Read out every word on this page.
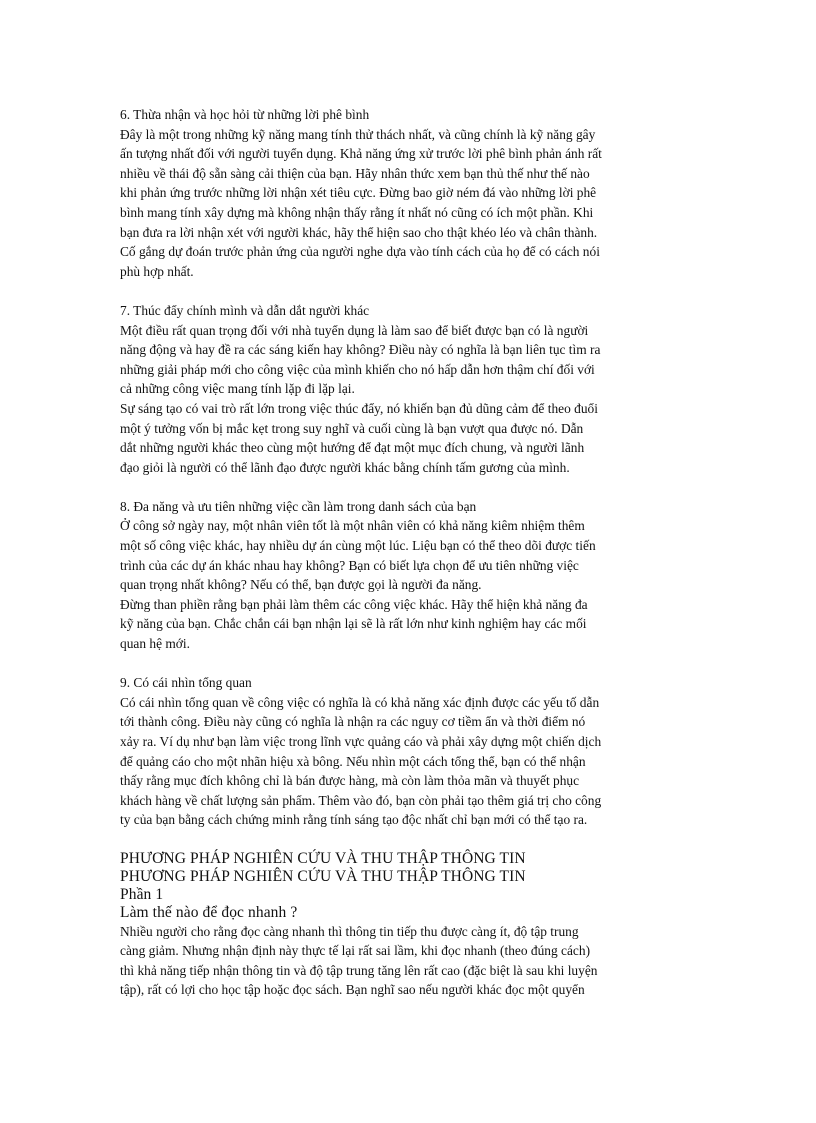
6. Thừa nhận và học hỏi từ những lời phê bình
Đây là một trong những kỹ năng mang tính thử thách nhất, và cũng chính là kỹ năng gây
ấn tượng nhất đối với người tuyển dụng. Khả năng ứng xử trước lời phê bình phản ánh rất
nhiều về thái độ sẵn sàng cải thiện của bạn. Hãy nhân thức xem bạn thủ thế như thế nào
khi phản ứng trước những lời nhận xét tiêu cực. Đừng bao giờ ném đá vào những lời phê
bình mang tính xây dựng mà không nhận thấy rằng ít nhất nó cũng có ích một phần. Khi
bạn đưa ra lời nhận xét với người khác, hãy thể hiện sao cho thật khéo léo và chân thành.
Cố gắng dự đoán trước phản ứng của người nghe dựa vào tính cách của họ để có cách nói
phù hợp nhất.
7. Thúc đẩy chính mình và dẫn dắt người khác
Một điều rất quan trọng đối với nhà tuyển dụng là làm sao để biết được bạn có là người
năng động và hay đề ra các sáng kiến hay không? Điều này có nghĩa là bạn liên tục tìm ra
những giải pháp mới cho công việc của mình khiến cho nó hấp dẫn hơn thậm chí đối với
cả những công việc mang tính lặp đi lặp lại.
Sự sáng tạo có vai trò rất lớn trong việc thúc đẩy, nó khiến bạn đủ dũng cảm để theo đuổi
một ý tưởng vốn bị mắc kẹt trong suy nghĩ và cuối cùng là bạn vượt qua được nó. Dẫn
dắt những người khác theo cùng một hướng để đạt một mục đích chung, và người lãnh
đạo giỏi là người có thể lãnh đạo được người khác bằng chính tấm gương của mình.
8. Đa năng và ưu tiên những việc cần làm trong danh sách của bạn
Ở công sở ngày nay, một nhân viên tốt là một nhân viên có khả năng kiêm nhiệm thêm
một số công việc khác, hay nhiều dự án cùng một lúc. Liệu bạn có thể theo dõi được tiến
trình của các dự án khác nhau hay không? Bạn có biết lựa chọn để ưu tiên những việc
quan trọng nhất không? Nếu có thể, bạn được gọi là người đa năng.
Đừng than phiền rằng bạn phải làm thêm các công việc khác. Hãy thể hiện khả năng đa
kỹ năng của bạn. Chắc chắn cái bạn nhận lại sẽ là rất lớn như kinh nghiệm hay các mối
quan hệ mới.
9. Có cái nhìn tổng quan
Có cái nhìn tổng quan về công việc có nghĩa là có khả năng xác định được các yếu tố dẫn
tới thành công. Điều này cũng có nghĩa là nhận ra các nguy cơ tiềm ẩn và thời điểm nó
xảy ra. Ví dụ như bạn làm việc trong lĩnh vực quảng cáo và phải xây dựng một chiến dịch
để quảng cáo cho một nhãn hiệu xà bông. Nếu nhìn một cách tổng thể, bạn có thể nhận
thấy rằng mục đích không chỉ là bán được hàng, mà còn làm thỏa mãn và thuyết phục
khách hàng về chất lượng sản phẩm. Thêm vào đó, bạn còn phải tạo thêm giá trị cho công
ty của bạn bằng cách chứng minh rằng tính sáng tạo độc nhất chỉ bạn mới có thể tạo ra.
PHƯƠNG PHÁP NGHIÊN CỨU VÀ THU THẬP THÔNG TIN
PHƯƠNG PHÁP NGHIÊN CỨU VÀ THU THẬP THÔNG TIN
Phần 1
Làm thế nào để đọc nhanh ?
Nhiều người cho rằng đọc càng nhanh thì thông tin tiếp thu được càng ít, độ tập trung
càng giảm. Nhưng nhận định này thực tế lại rất sai lầm, khi đọc nhanh (theo đúng cách)
thì khả năng tiếp nhận thông tin và độ tập trung tăng lên rất cao (đặc biệt là sau khi luyện
tập), rất có lợi cho học tập hoặc đọc sách. Bạn nghĩ sao nếu người khác đọc một quyển
